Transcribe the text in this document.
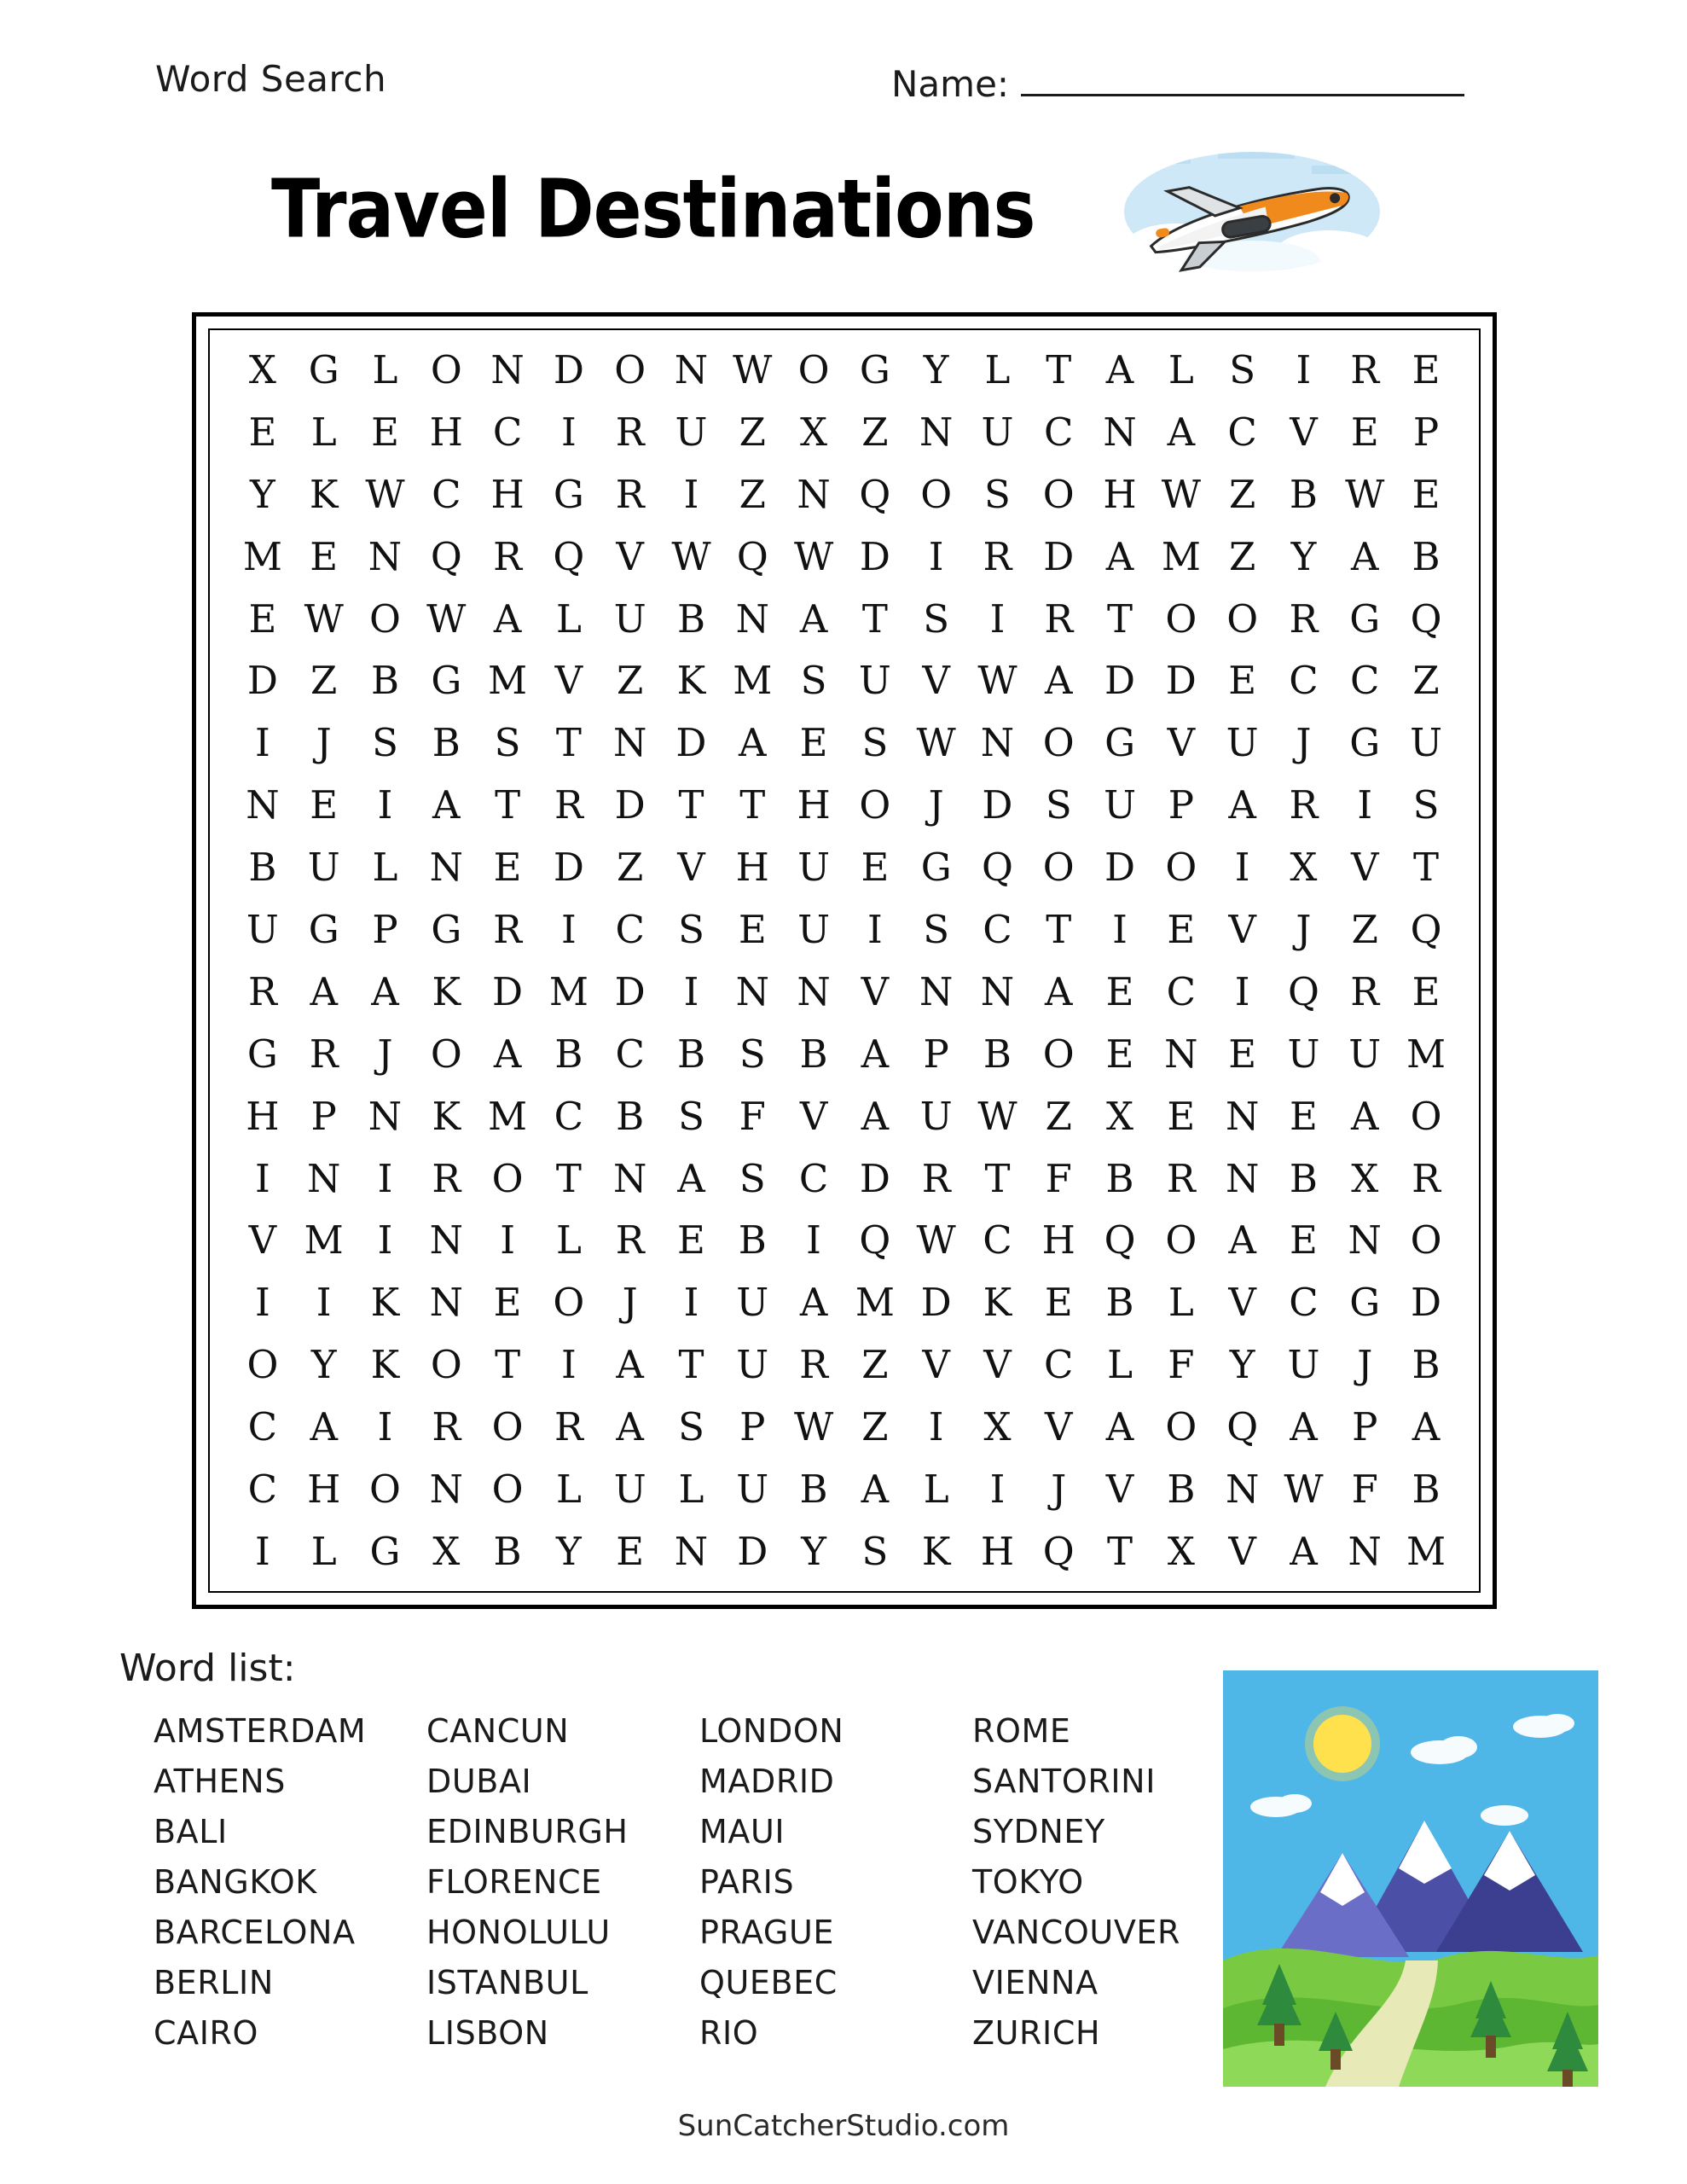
Word Search	Name:
Travel Destinations
X G L O N D O N W O G Y L T A L S	I	R E
E L E H C	I	R U Z X Z N U C N A C V E P
Y K W C H G R	I	Z N Q O S O H W Z B W E
M E N Q R Q V W Q W D I	R D A M Z Y A B
E W O W A L U B N A T S	I	R T O O R G Q
D Z B G M V Z K M S U V W A D D E C C Z
I	J	S B S T N D A E S W N O G V U J G U
N E	I	A T R D T T H O J D S U P A R	I	S
B U L N E D Z V H U E G Q O D O I	X V T
U G P G R	I	C S E U I	S C T	I	E V	J	Z Q
R A A K D M D I N N V N N A E C	I Q R E
G R	J O A B C B S B A P B O E N E U U M
H P N K M C B S F V A U W Z X E N E A O
I N I	R O T N A S C D R T F B R N B X R
V M I N I	L R E B	I Q W C H Q O A E N O
I	I	K N E O J	I U A M D K E B L V C G D
O Y K O T	I	A T U R Z V V C L F Y U J	B
C A	I	R O R A S P W Z	I	X V A O Q A P A
C H O N O L U L U B A L	I	J	V B N W F B
I	L G X B Y E N D Y S K H Q T X V A N M
Word list:
AMSTERDAM
ATHENS
BALI
BANGKOK
BARCELONA
BERLIN
CAIRO
CANCUN
DUBAI
EDINBURGH
FLORENCE
HONOLULU
ISTANBUL
LISBON
LONDON
MADRID
MAUI
PARIS
PRAGUE
QUEBEC
RIO
ROME
SANTORINI
SYDNEY
TOKYO
VANCOUVER
VIENNA
ZURICH
SunCatcherStudio.com
